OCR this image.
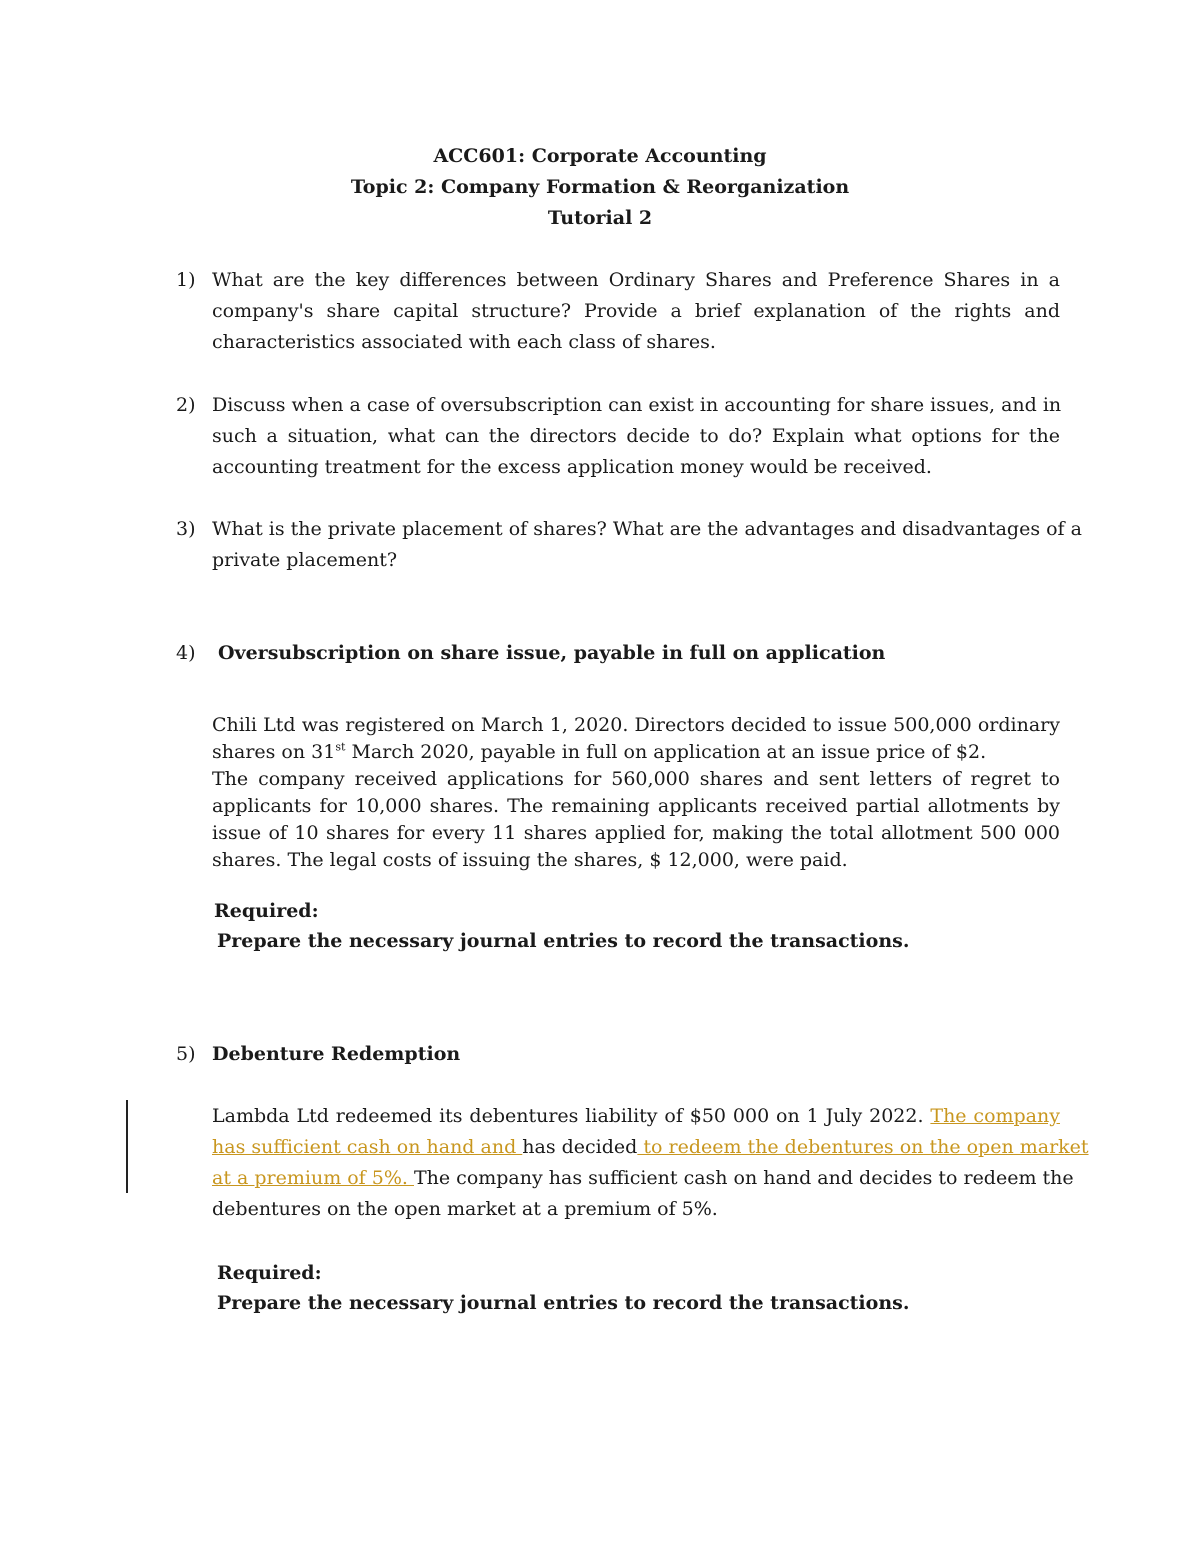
ACC601: Corporate Accounting
Topic 2: Company Formation & Reorganization
Tutorial 2
1) What are the key differences between Ordinary Shares and Preference Shares in a
company's share capital structure? Provide a brief explanation of the rights and
characteristics associated with each class of shares.
2) Discuss when a case of oversubscription can exist in accounting for share issues, and in
such a situation, what can the directors decide to do? Explain what options for the
accounting treatment for the excess application money would be received.
3) What is the private placement of shares? What are the advantages and disadvantages of a
private placement?
4) Oversubscription on share issue, payable in full on application
Chili Ltd was registered on March 1, 2020. Directors decided to issue 500,000 ordinary
shares on 31st March 2020, payable in full on application at an issue price of $2.
The company received applications for 560,000 shares and sent letters of regret to
applicants for 10,000 shares. The remaining applicants received partial allotments by
issue of 10 shares for every 11 shares applied for, making the total allotment 500 000
shares. The legal costs of issuing the shares, $ 12,000, were paid.
Required:
Prepare the necessary journal entries to record the transactions.
5) Debenture Redemption
Lambda Ltd redeemed its debentures liability of $50 000 on 1 July 2022. The company
has sufficient cash on hand and has decided to redeem the debentures on the open market
at a premium of 5%. The company has sufficient cash on hand and decides to redeem the
debentures on the open market at a premium of 5%.
Required:
Prepare the necessary journal entries to record the transactions.
